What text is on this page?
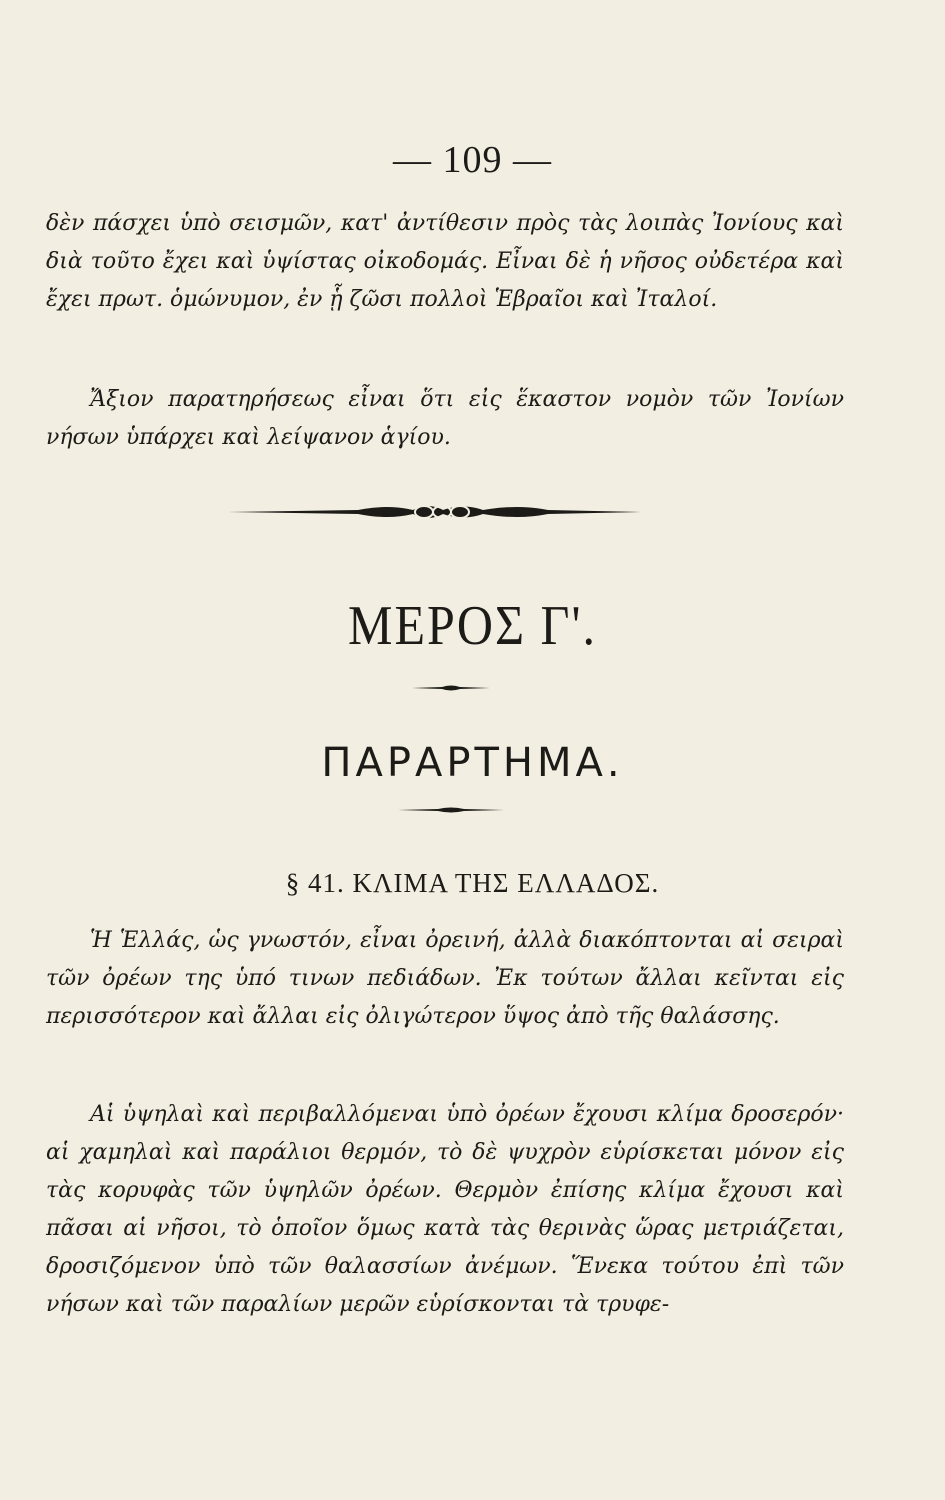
— 109 —

δὲν πάσχει ὑπὸ σεισμῶν, κατ' ἀντίθεσιν πρὸς τὰς λοιπὰς Ἰονίους καὶ διὰ τοῦτο ἔχει καὶ ὑψίστας οἰκοδομάς. Εἶναι δὲ ἡ νῆσος οὐδετέρα καὶ ἔχει πρωτ. ὁμώνυμον, ἐν ᾗ ζῶσι πολλοὶ Ἑβραῖοι καὶ Ἰταλοί.

Ἄξιον παρατηρήσεως εἶναι ὅτι εἰς ἕκαστον νομὸν τῶν Ἰονίων νήσων ὑπάρχει καὶ λείψανον ἁγίου.

ΜΕΡΟΣ Γ'.
ΠΑΡΑΡΤΗΜΑ.
§ 41. ΚΛΙΜΑ ΤΗΣ ΕΛΛΑΔΟΣ.

Ἡ Ἑλλάς, ὡς γνωστόν, εἶναι ὀρεινή, ἀλλὰ διακόπτονται αἱ σειραὶ τῶν ὀρέων της ὑπό τινων πεδιάδων. Ἐκ τούτων ἄλλαι κεῖνται εἰς περισσότερον καὶ ἄλλαι εἰς ὀλιγώτερον ὕψος ἀπὸ τῆς θαλάσσης.

Αἱ ὑψηλαὶ καὶ περιβαλλόμεναι ὑπὸ ὀρέων ἔχουσι κλίμα δροσερόν· αἱ χαμηλαὶ καὶ παράλιοι θερμόν, τὸ δὲ ψυχρὸν εὑρίσκεται μόνον εἰς τὰς κορυφὰς τῶν ὑψηλῶν ὀρέων. Θερμὸν ἐπίσης κλίμα ἔχουσι καὶ πᾶσαι αἱ νῆσοι, τὸ ὁποῖον ὅμως κατὰ τὰς θερινὰς ὥρας μετριάζεται, δροσιζόμενον ὑπὸ τῶν θαλασσίων ἀνέμων. Ἕνεκα τούτου ἐπὶ τῶν νήσων καὶ τῶν παραλίων μερῶν εὑρίσκονται τὰ τρυφε-
